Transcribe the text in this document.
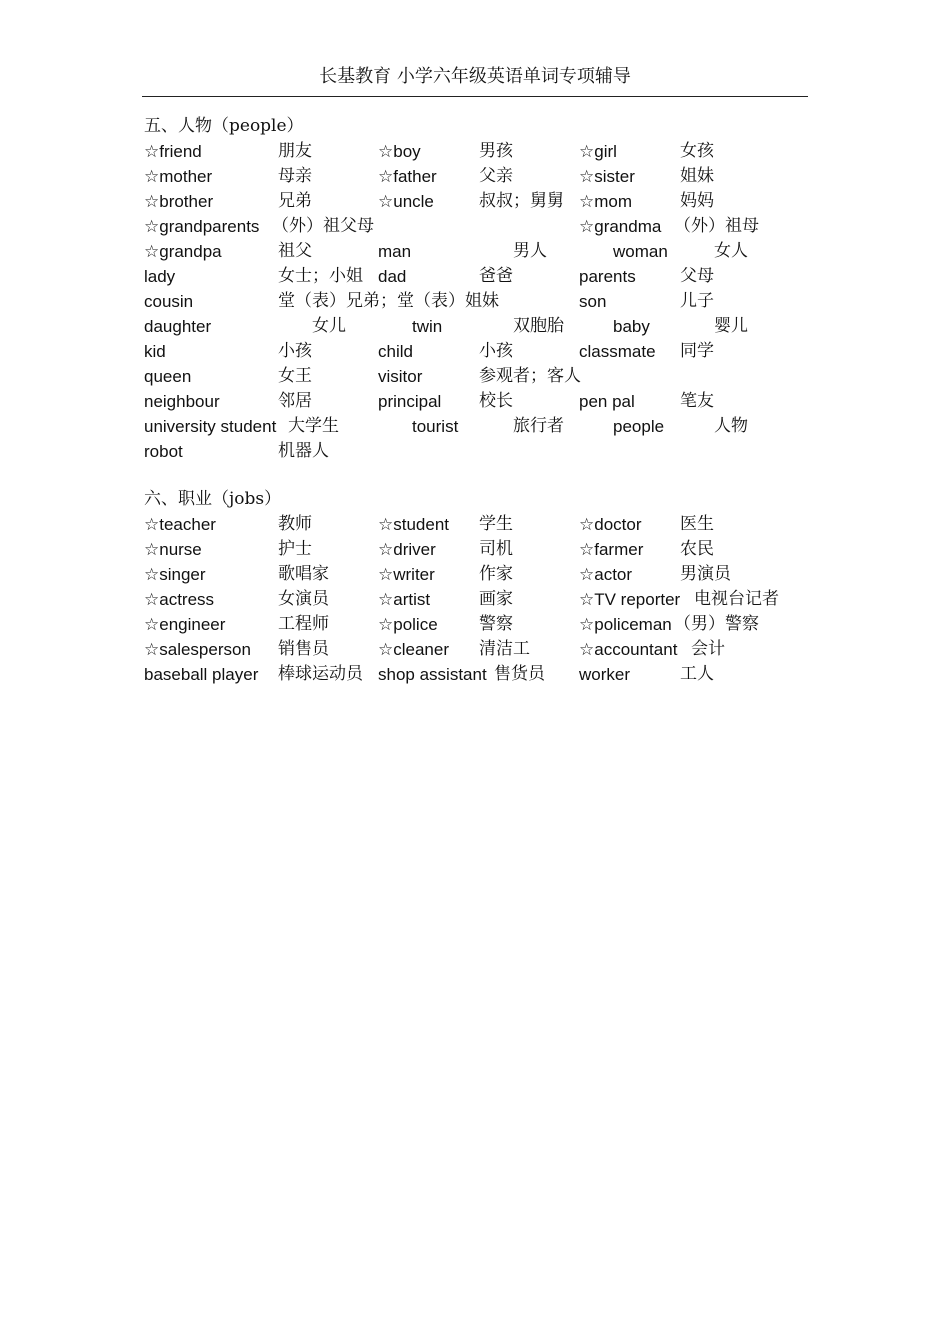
长基教育 小学六年级英语单词专项辅导
五、人物（people）
☆friend	朋友	☆boy	男孩	☆girl	女孩
☆mother	母亲	☆father 父亲	☆sister	姐妹
☆brother	兄弟	☆uncle	叔叔；舅舅 ☆mom	妈妈
☆grandparents （外）祖父母	☆grandma （外）祖母
☆grandpa	祖父	man	男人	woman	女人
lady	女士；小姐 dad	爸爸	parents	父母
cousin	堂（表）兄弟；堂（表）姐妹	son	儿子
daughter	女儿	twin	双胞胎	baby	婴儿
kid	小孩	child	小孩	classmate 同学
queen	女王	visitor	参观者；客人
neighbour	邻居	principal 校长	pen pal	笔友
university student 大学生	tourist	旅行者	people	人物
robot	机器人
六、职业（jobs）
☆teacher	教师	☆student 学生	☆doctor 医生
☆nurse	护士	☆driver	司机	☆farmer 农民
☆singer	歌唱家	☆writer	作家	☆actor	男演员
☆actress	女演员	☆artist	画家	☆TV reporter 电视台记者
☆engineer	工程师	☆police 警察	☆policeman （男）警察
☆salesperson 销售员	☆cleaner 清洁工	☆accountant 会计
baseball player 棒球运动员 shop assistant 售货员 worker	工人
